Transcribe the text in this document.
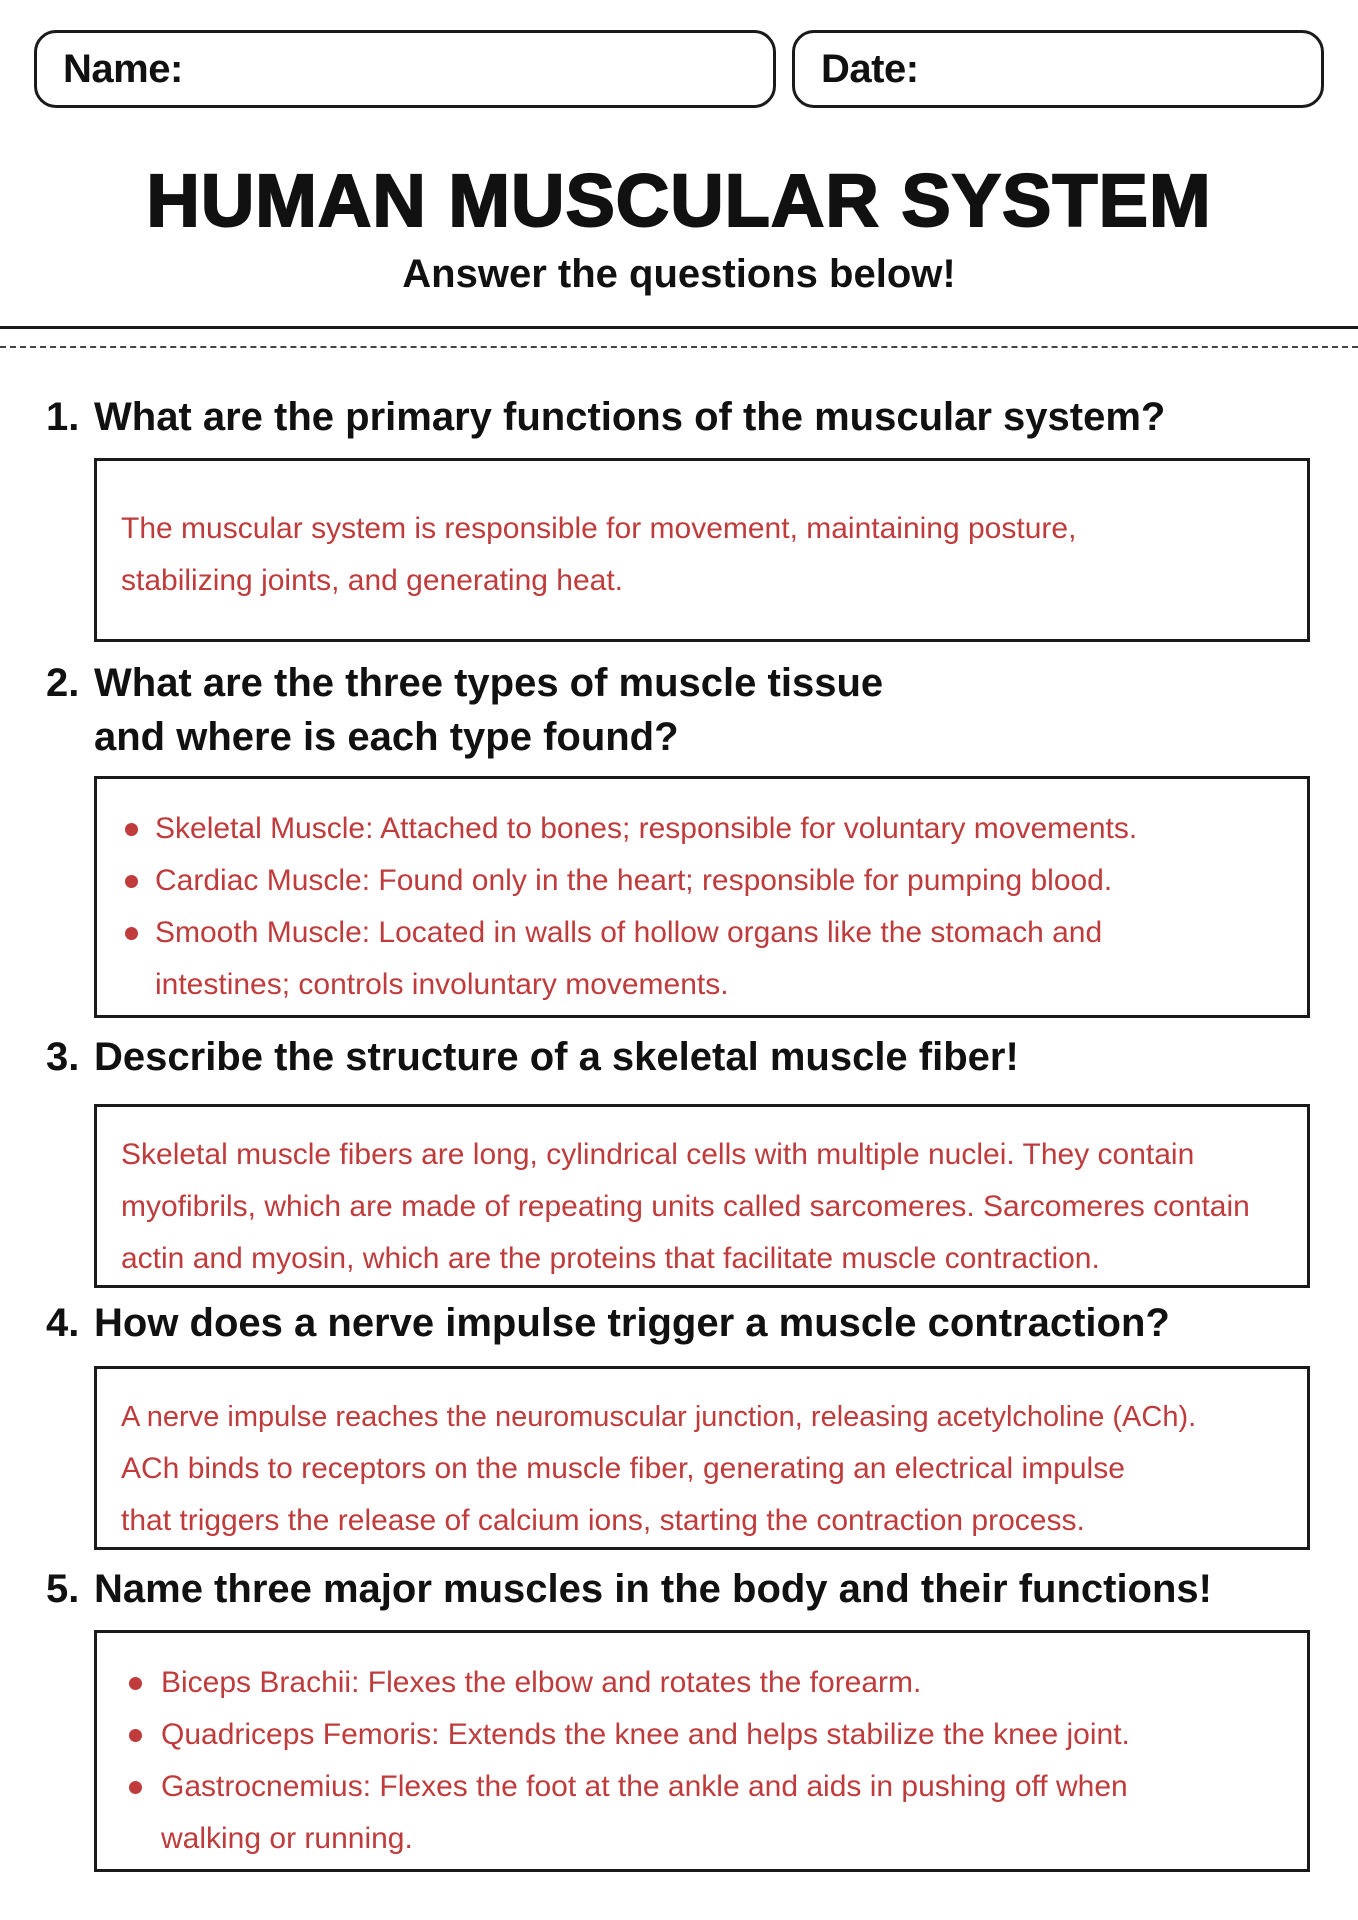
Name:	Date:
HUMAN MUSCULAR SYSTEM
Answer the questions below!
1. What are the primary functions of the muscular system?

The muscular system is responsible for movement, maintaining posture, stabilizing joints, and generating heat.

2. What are the three types of muscle tissue
and where is each type found?
Skeletal Muscle: Attached to bones; responsible for voluntary movements.
Cardiac Muscle: Found only in the heart; responsible for pumping blood.
Smooth Muscle: Located in walls of hollow organs like the stomach and intestines; controls involuntary movements.
3. Describe the structure of a skeletal muscle fiber!

Skeletal muscle fibers are long, cylindrical cells with multiple nuclei. They contain myofibrils, which are made of repeating units called sarcomeres. Sarcomeres contain actin and myosin, which are the proteins that facilitate muscle contraction.

4. How does a nerve impulse trigger a muscle contraction?

A nerve impulse reaches the neuromuscular junction, releasing acetylcholine (ACh).

ACh binds to receptors on the muscle fiber, generating an electrical impulse

that triggers the release of calcium ions, starting the contraction process.

5. Name three major muscles in the body and their functions!
Biceps Brachii: Flexes the elbow and rotates the forearm.
Quadriceps Femoris: Extends the knee and helps stabilize the knee joint.
Gastrocnemius: Flexes the foot at the ankle and aids in pushing off when walking or running.
